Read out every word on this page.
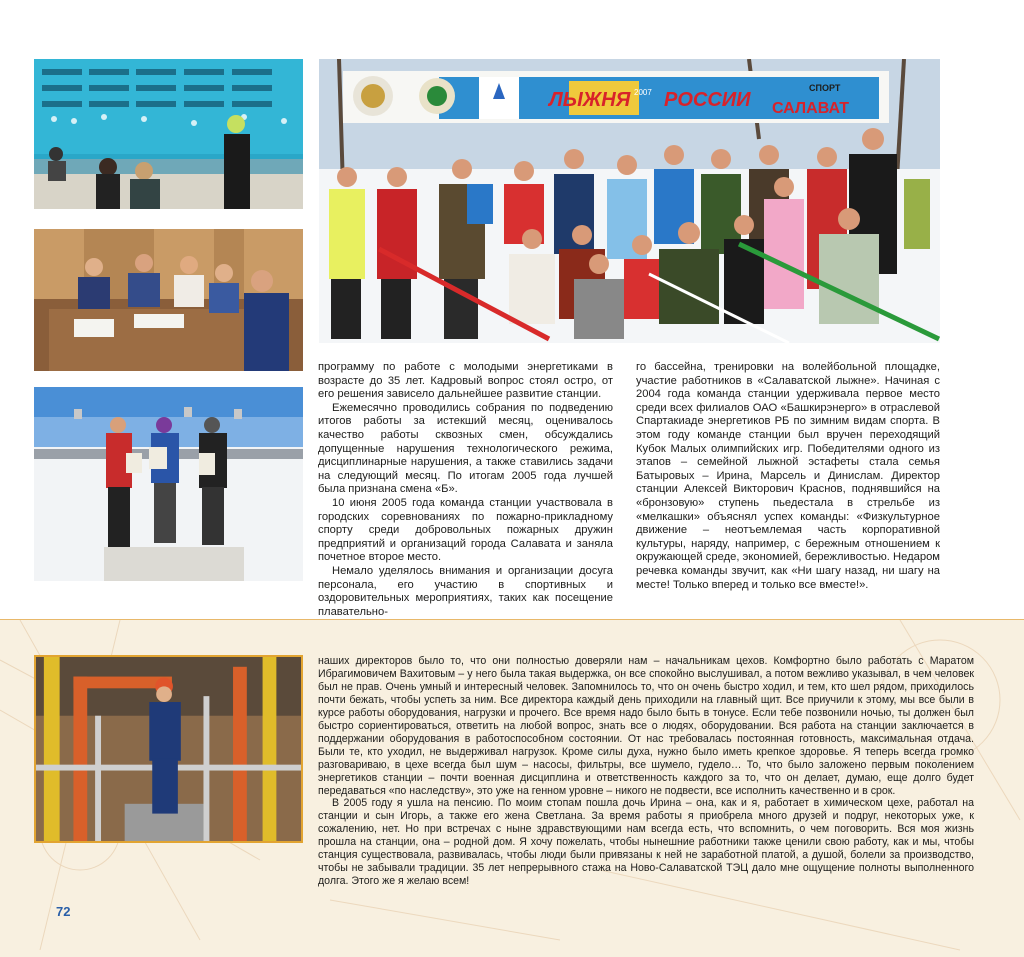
ЛЫЖНЯ РОССИИ
2007
САЛАВАТ
СПОРТ

программу по работе с молодыми энергетиками в возрасте до 35 лет. Кадровый вопрос стоял остро, от его решения зависело дальнейшее развитие станции.

Ежемесячно проводились собрания по подведению итогов работы за истекший месяц, оценивалось качество работы сквозных смен, обсуждались допущенные нарушения технологического режима, дисциплинарные нарушения, а также ставились задачи на следующий месяц. По итогам 2005 года лучшей была признана смена «Б».

10 июня 2005 года команда станции участвовала в городских соревнованиях по пожарно-прикладному спорту среди добровольных пожарных дружин предприятий и организаций города Салавата и заняла почетное второе место.

Немало уделялось внимания и организации досуга персонала, его участию в спортивных и оздоровительных мероприятиях, таких как посещение плавательно-

го бассейна, тренировки на волейбольной площадке, участие работников в «Салаватской лыжне». Начиная с 2004 года команда станции удерживала первое место среди всех филиалов ОАО «Башкирэнерго» в отраслевой Спартакиаде энергетиков РБ по зимним видам спорта. В этом году команде станции был вручен переходящий Кубок Малых олимпийских игр. Победителями одного из этапов – семейной лыжной эстафеты стала семья Батыровых – Ирина, Марсель и Динислам. Директор станции Алексей Викторович Краснов, поднявшийся на «бронзовую» ступень пьедестала в стрельбе из «мелкашки» объяснял успех команды: «Физкультурное движение – неотъемлемая часть корпоративной культуры, наряду, например, с бережным отношением к окружающей среде, экономией, бережливостью. Недаром речевка команды звучит, как «Ни шагу назад, ни шагу на месте! Только вперед и только все вместе!».

наших директоров было то, что они полностью доверяли нам – начальникам цехов. Комфортно было работать с Маратом Ибрагимовичем Вахитовым – у него была такая выдержка, он все спокойно выслушивал, а потом вежливо указывал, в чем человек был не прав. Очень умный и интересный человек. Запомнилось то, что он очень быстро ходил, и тем, кто шел рядом, приходилось почти бежать, чтобы успеть за ним. Все директора каждый день приходили на главный щит. Все приучили к этому, мы все были в курсе работы оборудования, нагрузки и прочего. Все время надо было быть в тонусе. Если тебе позвонили ночью, ты должен был быстро сориентироваться, ответить на любой вопрос, знать все о людях, оборудовании. Вся работа на станции заключается в поддержании оборудования в работоспособном состоянии. От нас требовалась постоянная готовность, максимальная отдача. Были те, кто уходил, не выдерживал нагрузок. Кроме силы духа, нужно было иметь крепкое здоровье. Я теперь всегда громко разговариваю, в цехе всегда был шум – насосы, фильтры, все шумело, гудело… То, что было заложено первым поколением энергетиков станции – почти военная дисциплина и ответственность каждого за то, что он делает, думаю, еще долго будет передаваться «по наследству», это уже на генном уровне – никого не подвести, все исполнить качественно и в срок.

В 2005 году я ушла на пенсию. По моим стопам пошла дочь Ирина – она, как и я, работает в химическом цехе, работал на станции и сын Игорь, а также его жена Светлана. За время работы я приобрела много друзей и подруг, некоторых уже, к сожалению, нет. Но при встречах с ныне здравствующими нам всегда есть, что вспомнить, о чем поговорить. Вся моя жизнь прошла на станции, она – родной дом. Я хочу пожелать, чтобы нынешние работники также ценили свою работу, как и мы, чтобы станция существовала, развивалась, чтобы люди были привязаны к ней не заработной платой, а душой, болели за производство, чтобы не забывали традиции. 35 лет непрерывного стажа на Ново-Салаватской ТЭЦ дало мне ощущение полноты выполненного долга. Этого же я желаю всем!

72
